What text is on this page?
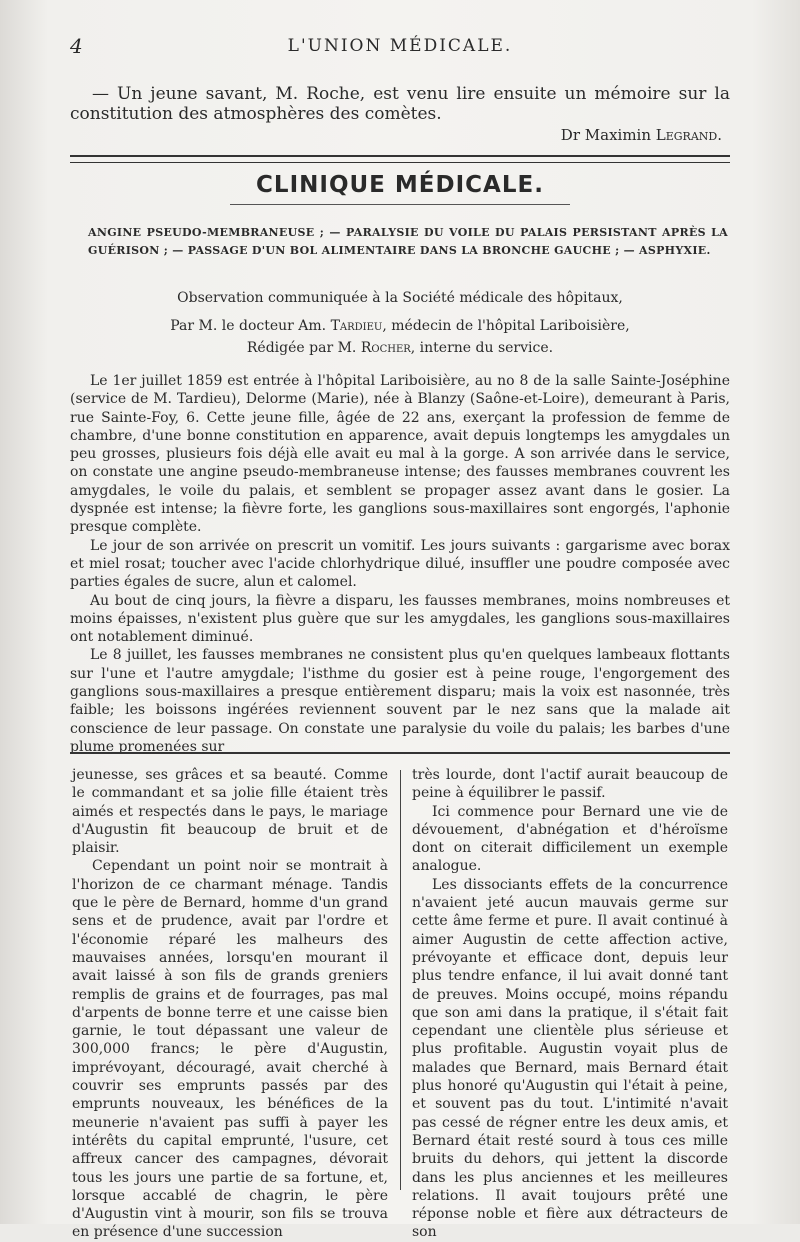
4	L'UNION MÉDICALE.

— Un jeune savant, M. Roche, est venu lire ensuite un mémoire sur la constitution des atmosphères des comètes.

Dr Maximin Legrand.
CLINIQUE MÉDICALE.
ANGINE PSEUDO-MEMBRANEUSE ; — PARALYSIE DU VOILE DU PALAIS PERSISTANT APRÈS LA GUÉRISON ; — PASSAGE D'UN BOL ALIMENTAIRE DANS LA BRONCHE GAUCHE ; — ASPHYXIE.
Observation communiquée à la Société médicale des hôpitaux,
Par M. le docteur Am. Tardieu, médecin de l'hôpital Lariboisière,
Rédigée par M. Rocher, interne du service.

Le 1er juillet 1859 est entrée à l'hôpital Lariboisière, au no 8 de la salle Sainte-Joséphine (service de M. Tardieu), Delorme (Marie), née à Blanzy (Saône-et-Loire), demeurant à Paris, rue Sainte-Foy, 6. Cette jeune fille, âgée de 22 ans, exerçant la profession de femme de chambre, d'une bonne constitution en apparence, avait depuis longtemps les amygdales un peu grosses, plusieurs fois déjà elle avait eu mal à la gorge. A son arrivée dans le service, on constate une angine pseudo-membraneuse intense; des fausses membranes couvrent les amygdales, le voile du palais, et semblent se propager assez avant dans le gosier. La dyspnée est intense; la fièvre forte, les ganglions sous-maxillaires sont engorgés, l'aphonie presque complète.

Le jour de son arrivée on prescrit un vomitif. Les jours suivants : gargarisme avec borax et miel rosat; toucher avec l'acide chlorhydrique dilué, insuffler une poudre composée avec parties égales de sucre, alun et calomel.

Au bout de cinq jours, la fièvre a disparu, les fausses membranes, moins nombreuses et moins épaisses, n'existent plus guère que sur les amygdales, les ganglions sous-maxillaires ont notablement diminué.

Le 8 juillet, les fausses membranes ne consistent plus qu'en quelques lambeaux flottants sur l'une et l'autre amygdale; l'isthme du gosier est à peine rouge, l'engorgement des ganglions sous-maxillaires a presque entièrement disparu; mais la voix est nasonnée, très faible; les boissons ingérées reviennent souvent par le nez sans que la malade ait conscience de leur passage. On constate une paralysie du voile du palais; les barbes d'une plume promenées sur

jeunesse, ses grâces et sa beauté. Comme le commandant et sa jolie fille étaient très aimés et respectés dans le pays, le mariage d'Augustin fit beaucoup de bruit et de plaisir.

Cependant un point noir se montrait à l'horizon de ce charmant ménage. Tandis que le père de Bernard, homme d'un grand sens et de prudence, avait par l'ordre et l'économie réparé les malheurs des mauvaises années, lorsqu'en mourant il avait laissé à son fils de grands greniers remplis de grains et de fourrages, pas mal d'arpents de bonne terre et une caisse bien garnie, le tout dépassant une valeur de 300,000 francs; le père d'Augustin, imprévoyant, découragé, avait cherché à couvrir ses emprunts passés par des emprunts nouveaux, les bénéfices de la meunerie n'avaient pas suffi à payer les intérêts du capital emprunté, l'usure, cet affreux cancer des campagnes, dévorait tous les jours une partie de sa fortune, et, lorsque accablé de chagrin, le père d'Augustin vint à mourir, son fils se trouva en présence d'une succession

très lourde, dont l'actif aurait beaucoup de peine à équilibrer le passif.

Ici commence pour Bernard une vie de dévouement, d'abnégation et d'héroïsme dont on citerait difficilement un exemple analogue.

Les dissociants effets de la concurrence n'avaient jeté aucun mauvais germe sur cette âme ferme et pure. Il avait continué à aimer Augustin de cette affection active, prévoyante et efficace dont, depuis leur plus tendre enfance, il lui avait donné tant de preuves. Moins occupé, moins répandu que son ami dans la pratique, il s'était fait cependant une clientèle plus sérieuse et plus profitable. Augustin voyait plus de malades que Bernard, mais Bernard était plus honoré qu'Augustin qui l'était à peine, et souvent pas du tout. L'intimité n'avait pas cessé de régner entre les deux amis, et Bernard était resté sourd à tous ces mille bruits du dehors, qui jettent la discorde dans les plus anciennes et les meilleures relations. Il avait toujours prêté une réponse noble et fière aux détracteurs de son
